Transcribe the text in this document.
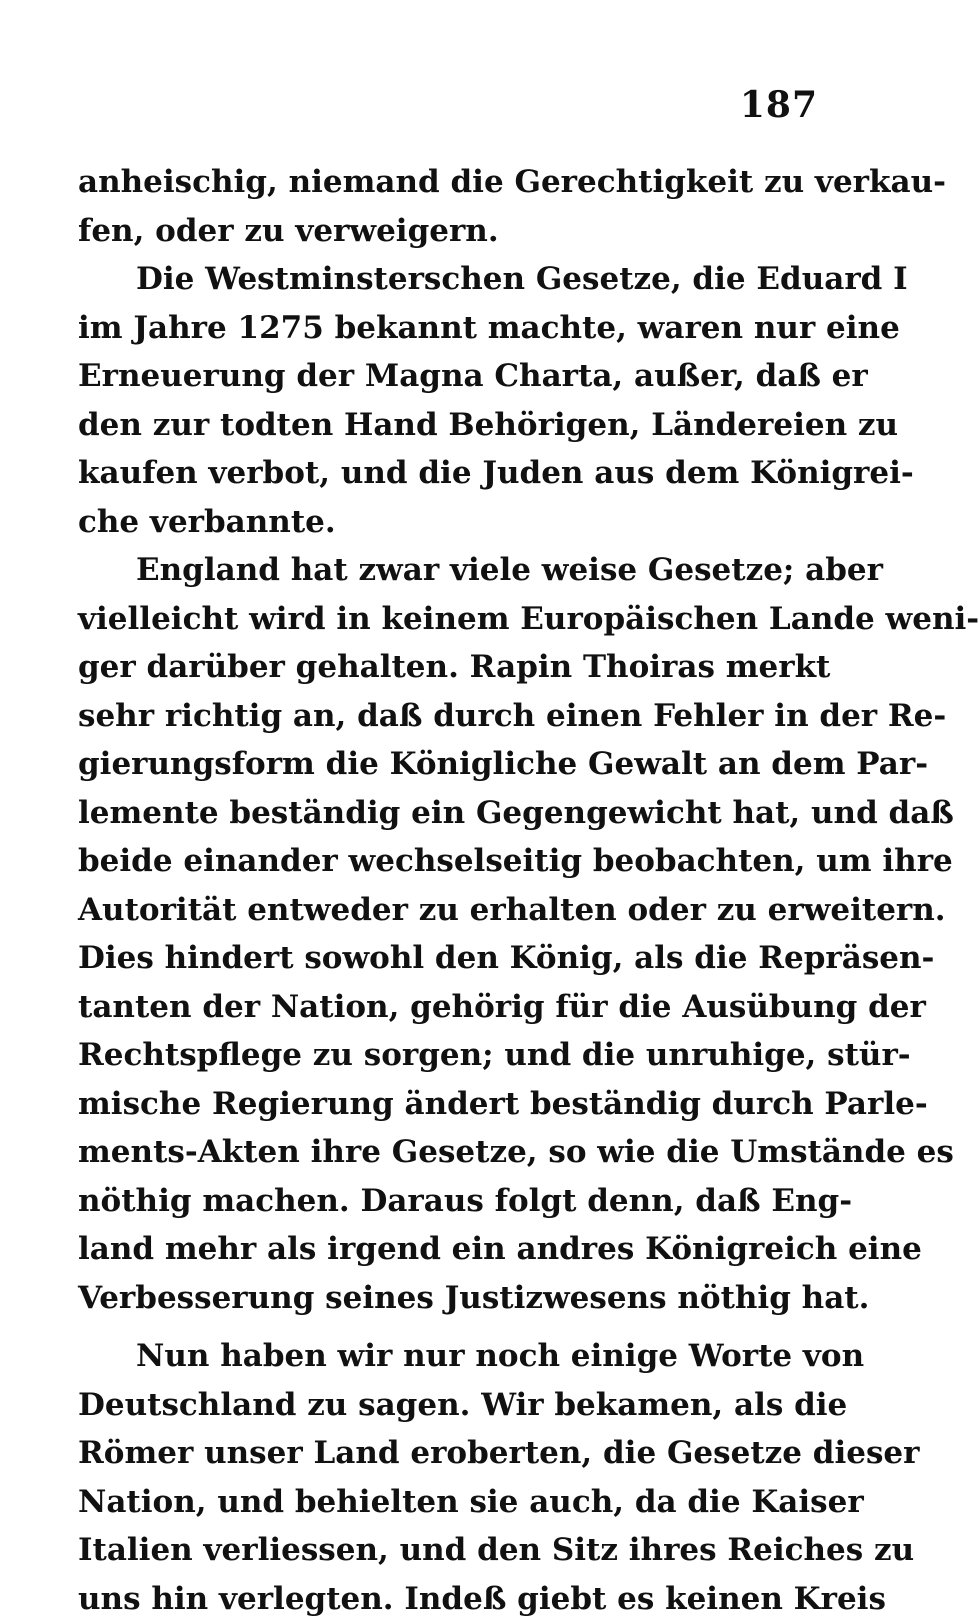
187
anheischig, niemand die Gerechtigkeit zu verkau-
fen, oder zu verweigern.
Die Westminsterschen Gesetze, die Eduard I
im Jahre 1275 bekannt machte, waren nur eine
Erneuerung der Magna Charta, außer, daß er
den zur todten Hand Behörigen, Ländereien zu
kaufen verbot, und die Juden aus dem Königrei-
che verbannte.
England hat zwar viele weise Gesetze; aber
vielleicht wird in keinem Europäischen Lande weni-
ger darüber gehalten. Rapin Thoiras merkt
sehr richtig an, daß durch einen Fehler in der Re-
gierungsform die Königliche Gewalt an dem Par-
lemente beständig ein Gegengewicht hat, und daß
beide einander wechselseitig beobachten, um ihre
Autorität entweder zu erhalten oder zu erweitern.
Dies hindert sowohl den König, als die Repräsen-
tanten der Nation, gehörig für die Ausübung der
Rechtspflege zu sorgen; und die unruhige, stür-
mische Regierung ändert beständig durch Parle-
ments-Akten ihre Gesetze, so wie die Umstände es
nöthig machen. Daraus folgt denn, daß Eng-
land mehr als irgend ein andres Königreich eine
Verbesserung seines Justizwesens nöthig hat.
Nun haben wir nur noch einige Worte von
Deutschland zu sagen. Wir bekamen, als die
Römer unser Land eroberten, die Gesetze dieser
Nation, und behielten sie auch, da die Kaiser
Italien verliessen, und den Sitz ihres Reiches zu
uns hin verlegten. Indeß giebt es keinen Kreis
